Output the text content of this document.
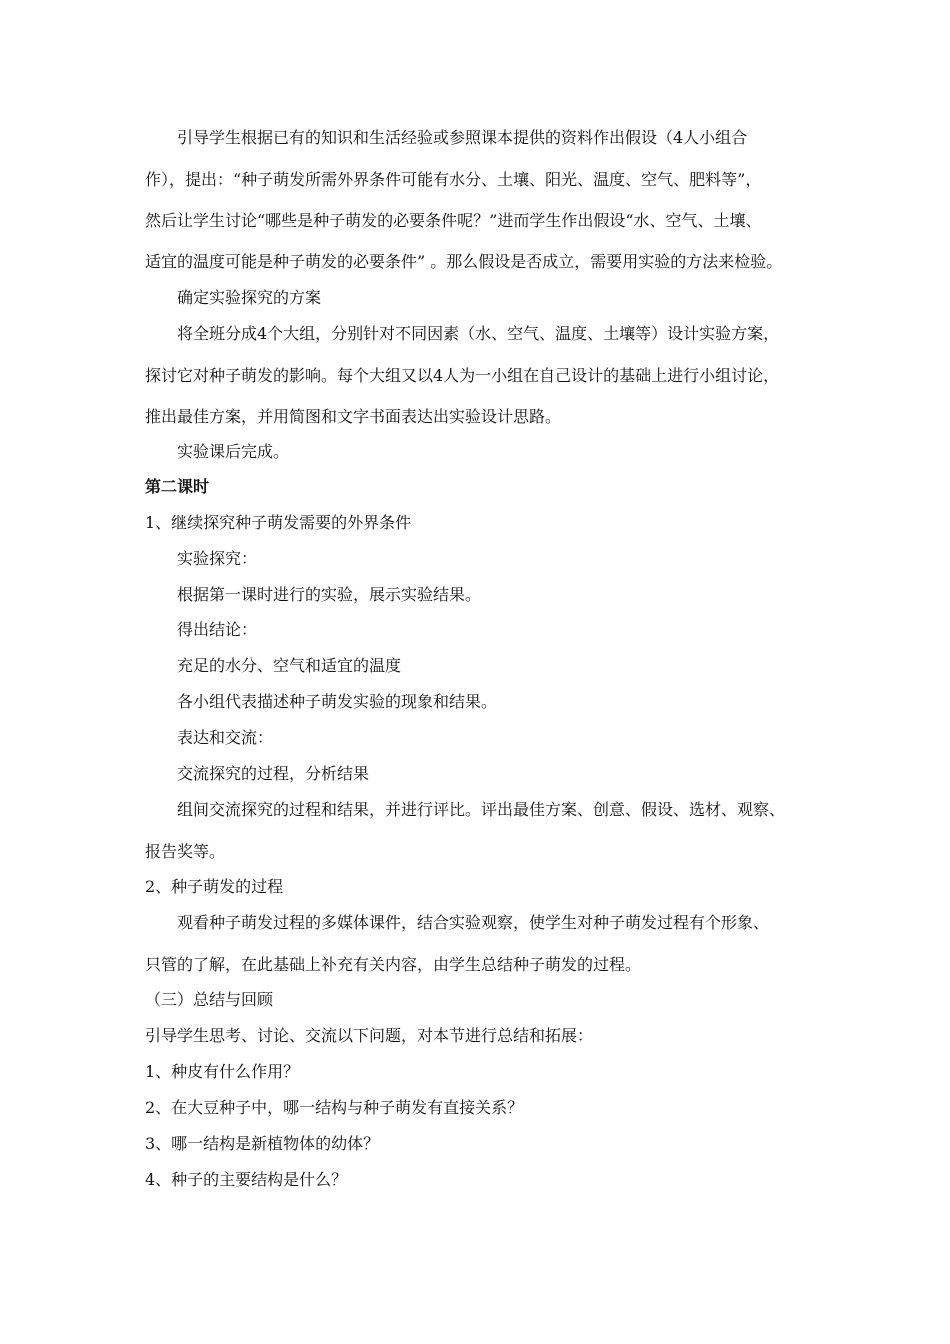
引导学生根据已有的知识和生活经验或参照课本提供的资料作出假设（4人小组合
作），提出：“种子萌发所需外界条件可能有水分、土壤、阳光、温度、空气、肥料等”，
然后让学生讨论“哪些是种子萌发的必要条件呢？”进而学生作出假设“水、空气、土壤、
适宜的温度可能是种子萌发的必要条件” 。那么假设是否成立，需要用实验的方法来检验。
确定实验探究的方案
将全班分成4个大组，分别针对不同因素（水、空气、温度、土壤等）设计实验方案，
探讨它对种子萌发的影响。每个大组又以4人为一小组在自己设计的基础上进行小组讨论，
推出最佳方案，并用简图和文字书面表达出实验设计思路。
实验课后完成。
第二课时
1、继续探究种子萌发需要的外界条件
实验探究：
根据第一课时进行的实验，展示实验结果。
得出结论：
充足的水分、空气和适宜的温度
各小组代表描述种子萌发实验的现象和结果。
表达和交流：
交流探究的过程，分析结果
组间交流探究的过程和结果，并进行评比。评出最佳方案、创意、假设、选材、观察、
报告奖等。
2、种子萌发的过程
观看种子萌发过程的多媒体课件，结合实验观察，使学生对种子萌发过程有个形象、
只管的了解，在此基础上补充有关内容，由学生总结种子萌发的过程。
（三）总结与回顾
引导学生思考、讨论、交流以下问题，对本节进行总结和拓展：
1、种皮有什么作用？
2、在大豆种子中，哪一结构与种子萌发有直接关系？
3、哪一结构是新植物体的幼体？
4、种子的主要结构是什么？
